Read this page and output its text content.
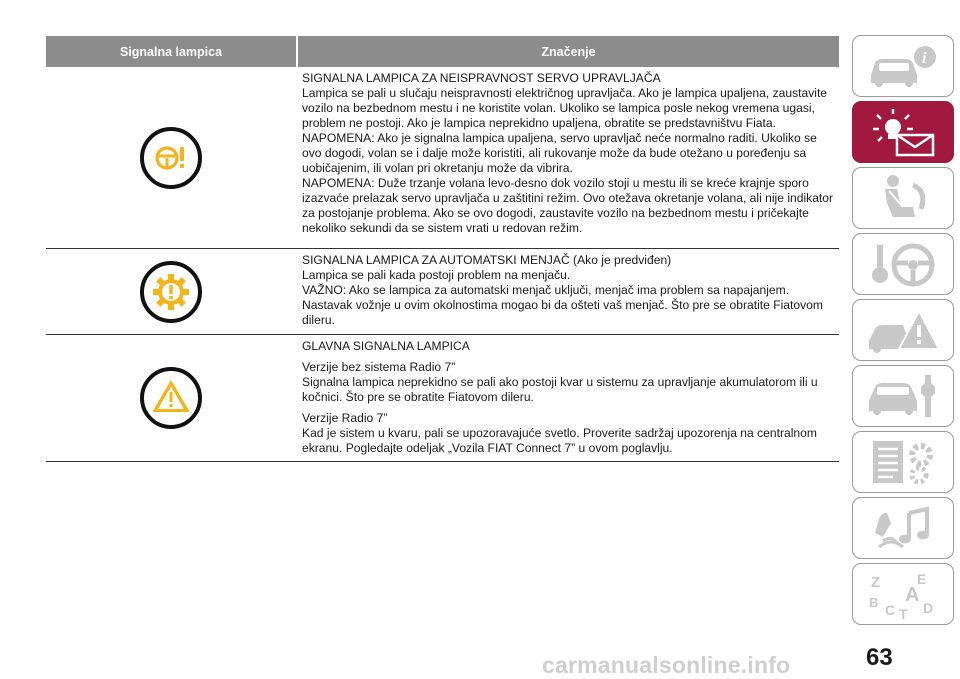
Signalna lampica	Značenje

SIGNALNA LAMPICA ZA NEISPRAVNOST SERVO UPRAVLJAČA

Lampica se pali u slučaju neispravnosti električnog upravljača. Ako je lampica upaljena, zaustavite vozilo na bezbednom mestu i ne koristite volan. Ukoliko se lampica posle nekog vremena ugasi, problem ne postoji. Ako je lampica neprekidno upaljena, obratite se predstavništvu Fiata.

NAPOMENA: Ako je signalna lampica upaljena, servo upravljač neće normalno raditi. Ukoliko se ovo dogodi, volan se i dalje može koristiti, ali rukovanje može da bude otežano u poređenju sa uobičajenim, ili volan pri okretanju može da vibrira.

NAPOMENA: Duže trzanje volana levo-desno dok vozilo stoji u mestu ili se kreće krajnje sporo izazvaće prelazak servo upravljača u zaštitini režim. Ovo otežava okretanje volana, ali nije indikator za postojanje problema. Ako se ovo dogodi, zaustavite vozilo na bezbednom mestu i pričekajte nekoliko sekundi da se sistem vrati u redovan režim.

SIGNALNA LAMPICA ZA AUTOMATSKI MENJAČ (Ako je predviđen)

Lampica se pali kada postoji problem na menjaču.

VAŽNO: Ako se lampica za automatski menjač uključi, menjač ima problem sa napajanjem. Nastavak vožnje u ovim okolnostima mogao bi da ošteti vaš menjač. Što pre se obratite Fiatovom dileru.

GLAVNA SIGNALNA LAMPICA

Verzije bez sistema Radio 7”

Signalna lampica neprekidno se pali ako postoji kvar u sistemu za upravljanje akumulatorom ili u kočnici. Što pre se obratite Fiatovom dileru.

Verzije Radio 7”

Kad je sistem u kvaru, pali se upozoravajuće svetlo. Proverite sadržaj upozorenja na centralnom ekranu. Pogledajte odeljak „Vozila FIAT Connect 7” u ovom poglavlju.

i
Z	E
B A
C D
T
carmanualsonline.info	63
